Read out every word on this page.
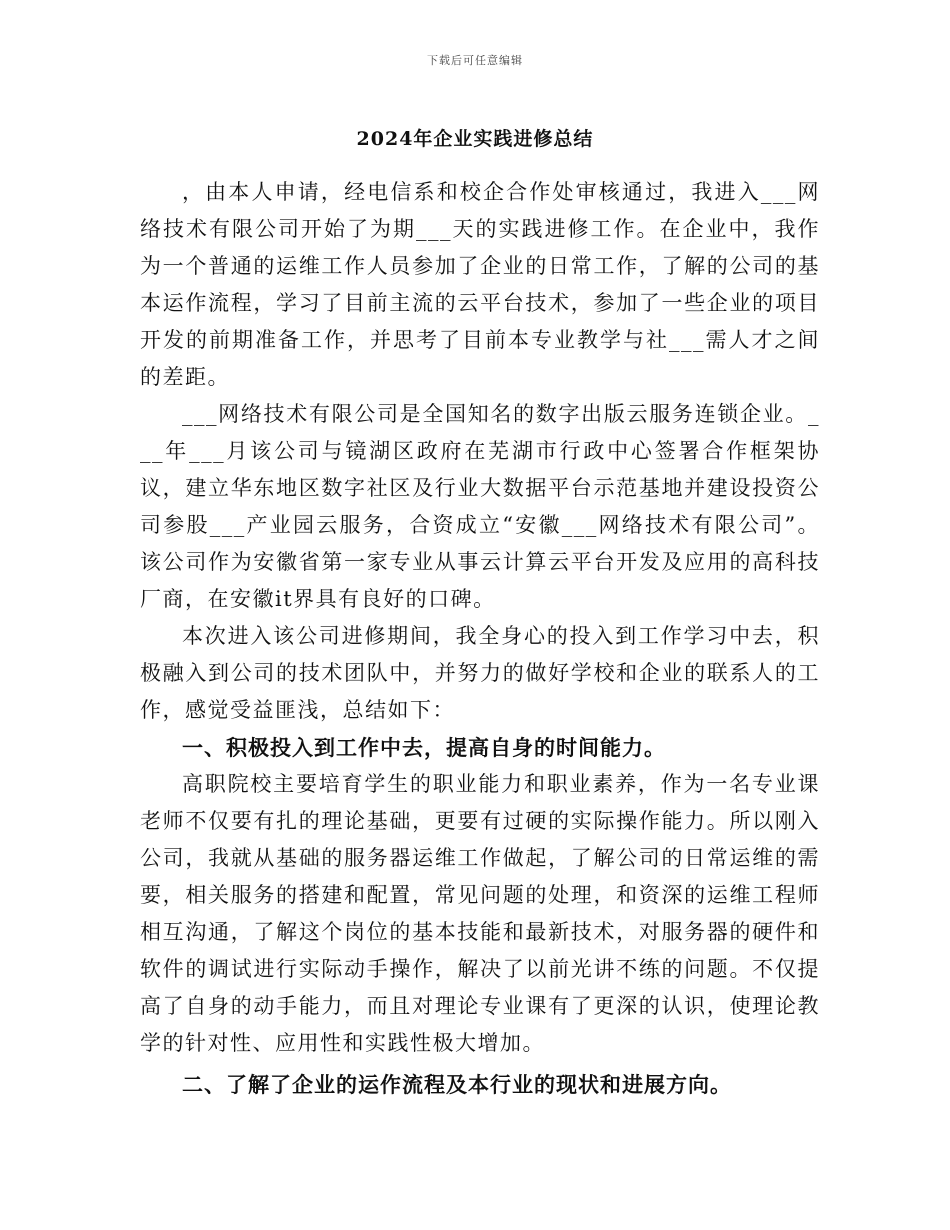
下载后可任意编辑
2024年企业实践进修总结

，由本人申请，经电信系和校企合作处审核通过，我进入___网络技术有限公司开始了为期___天的实践进修工作。在企业中，我作为一个普通的运维工作人员参加了企业的日常工作，了解的公司的基本运作流程，学习了目前主流的云平台技术，参加了一些企业的项目开发的前期准备工作，并思考了目前本专业教学与社___需人才之间的差距。

___网络技术有限公司是全国知名的数字出版云服务连锁企业。___年___月该公司与镜湖区政府在芜湖市行政中心签署合作框架协议，建立华东地区数字社区及行业大数据平台示范基地并建设投资公司参股___产业园云服务，合资成立“安徽___网络技术有限公司”。该公司作为安徽省第一家专业从事云计算云平台开发及应用的高科技厂商，在安徽it界具有良好的口碑。

本次进入该公司进修期间，我全身心的投入到工作学习中去，积极融入到公司的技术团队中，并努力的做好学校和企业的联系人的工作，感觉受益匪浅，总结如下：

一、积极投入到工作中去，提高自身的时间能力。

高职院校主要培育学生的职业能力和职业素养，作为一名专业课老师不仅要有扎的理论基础，更要有过硬的实际操作能力。所以刚入公司，我就从基础的服务器运维工作做起，了解公司的日常运维的需要，相关服务的搭建和配置，常见问题的处理，和资深的运维工程师相互沟通，了解这个岗位的基本技能和最新技术，对服务器的硬件和软件的调试进行实际动手操作，解决了以前光讲不练的问题。不仅提高了自身的动手能力，而且对理论专业课有了更深的认识，使理论教学的针对性、应用性和实践性极大增加。

二、了解了企业的运作流程及本行业的现状和进展方向。
